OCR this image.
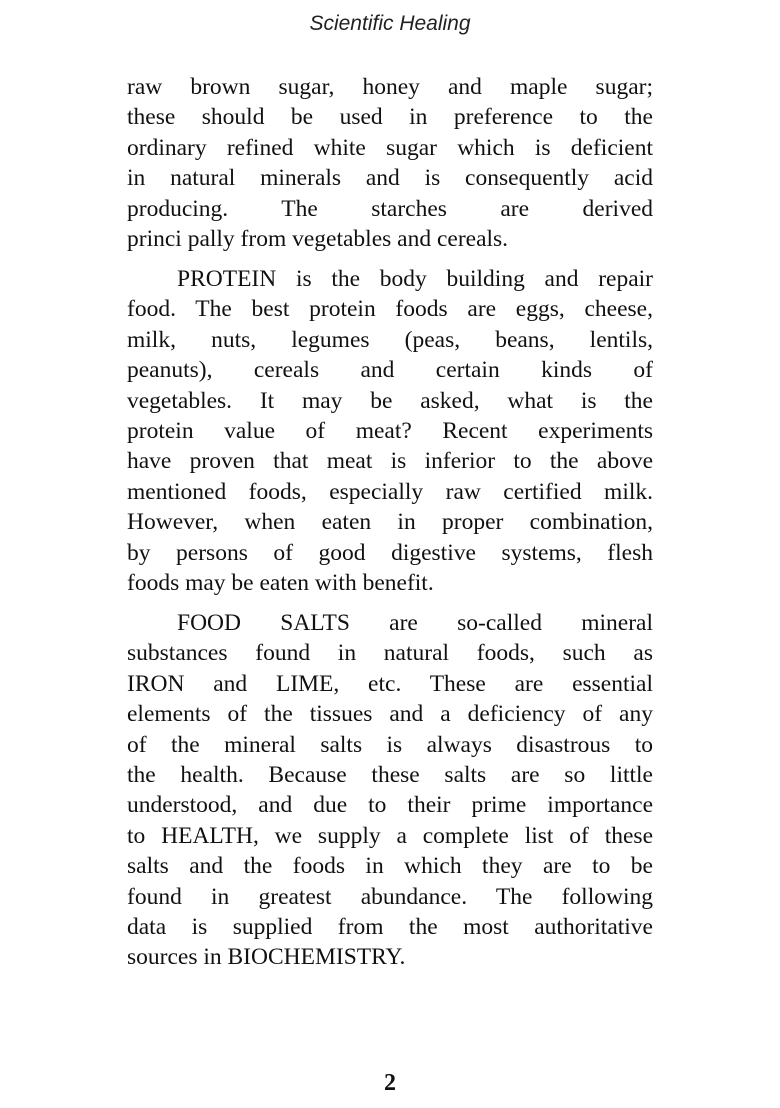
Scientific Healing
raw brown sugar, honey and maple sugar;
these should be used in preference to the
ordinary refined white sugar which is deficient
in natural minerals and is consequently acid
producing. The starches are derived
princi pally from vegetables and cereals.
PROTEIN is the body building and repair
food. The best protein foods are eggs, cheese,
milk, nuts, legumes (peas, beans, lentils,
peanuts), cereals and certain kinds of
vegetables. It may be asked, what is the
protein value of meat? Recent experiments
have proven that meat is inferior to the above
mentioned foods, especially raw certified milk.
However, when eaten in proper combination,
by persons of good digestive systems, flesh
foods may be eaten with benefit.
FOOD SALTS are so-called mineral
substances found in natural foods, such as
IRON and LIME, etc. These are essential
elements of the tissues and a deficiency of any
of the mineral salts is always disastrous to
the health. Because these salts are so little
understood, and due to their prime importance
to HEALTH, we supply a complete list of these
salts and the foods in which they are to be
found in greatest abundance. The following
data is supplied from the most authoritative
sources in BIOCHEMISTRY.
2
